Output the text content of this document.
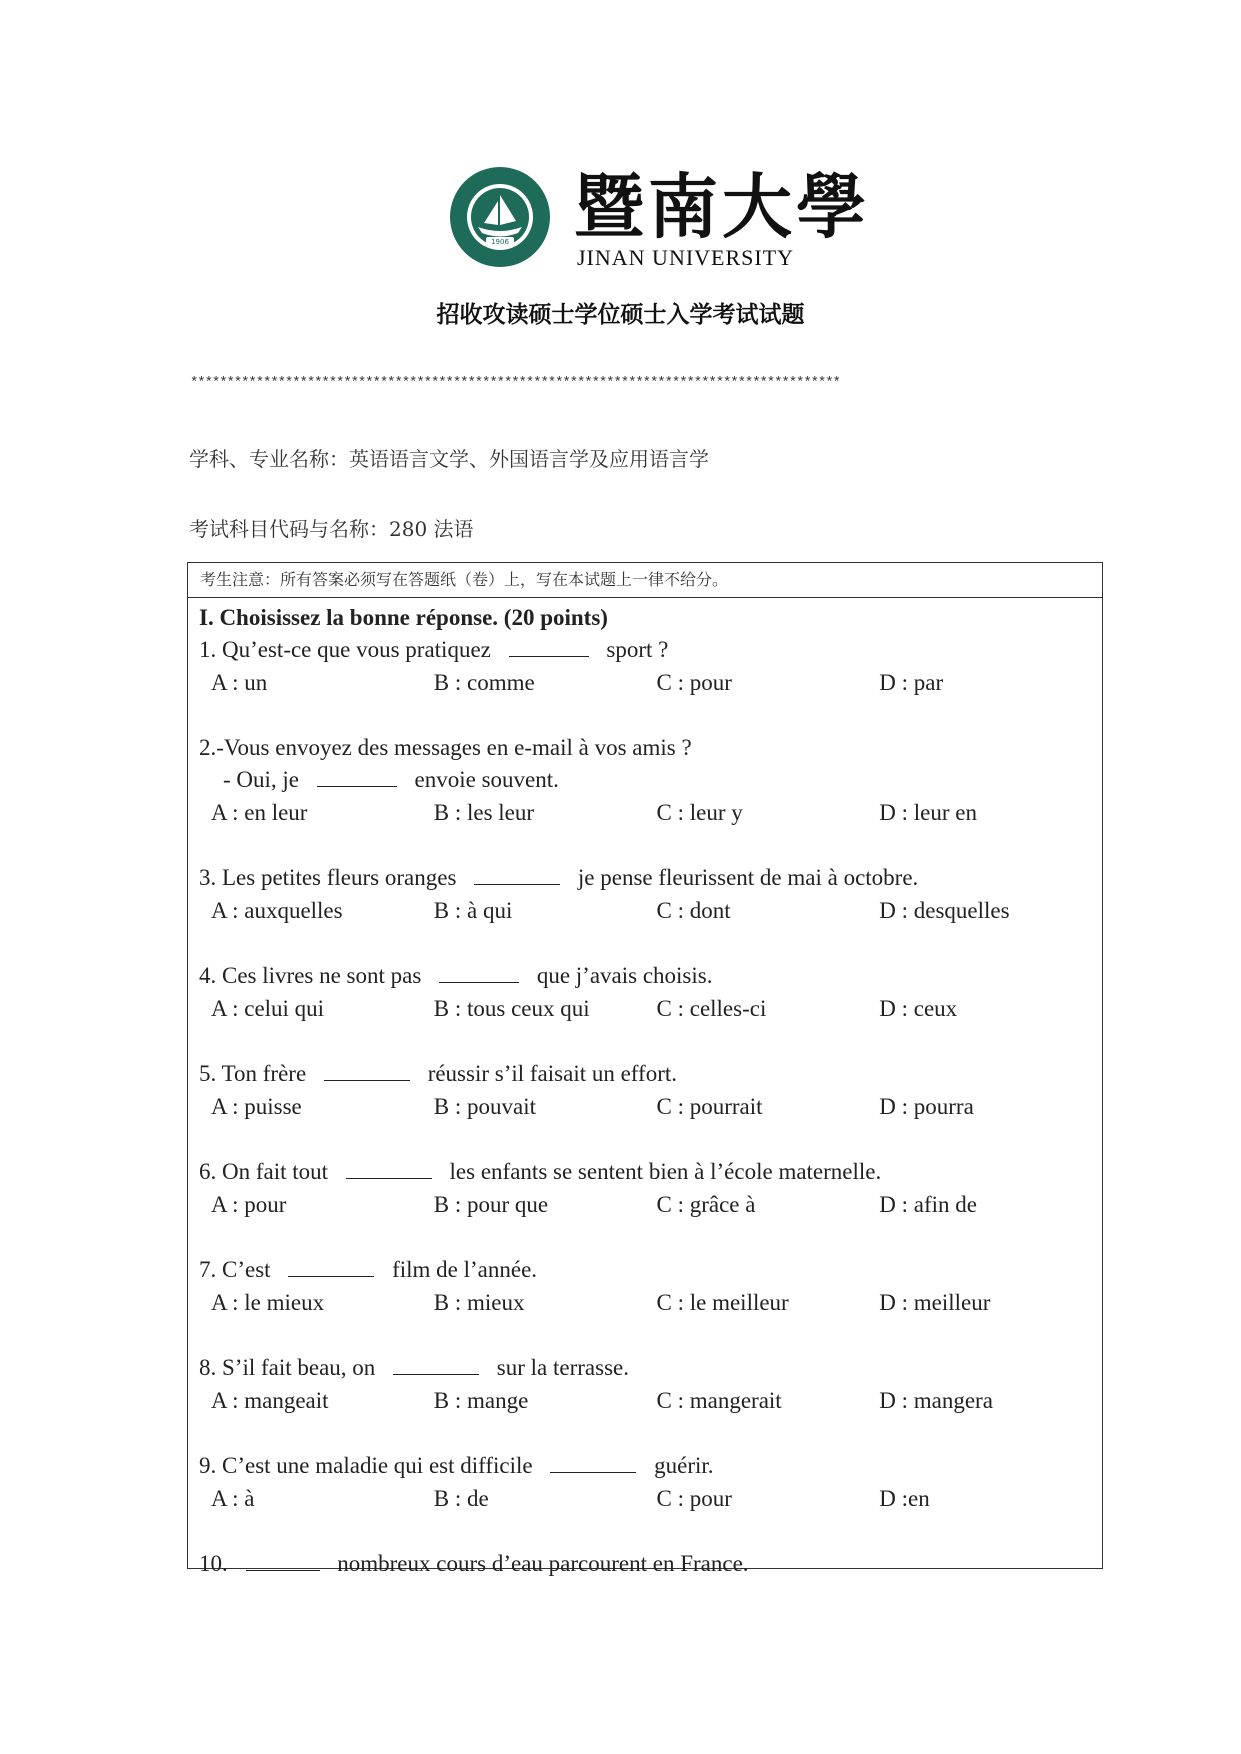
1906 暨南大學
JINAN UNIVERSITY
招收攻读硕士学位硕士入学考试试题
*****************************************************************************************
学科、专业名称：英语语言文学、外国语言学及应用语言学
考试科目代码与名称：280 法语
考生注意：所有答案必须写在答题纸（卷）上，写在本试题上一律不给分。
I. Choisissez la bonne réponse. (20 points)
1. Qu’est-ce que vous pratiquez	sport ?
A : un	B : comme	C : pour	D : par
2.-Vous envoyez des messages en e-mail à vos amis ?
- Oui, je	envoie souvent.
A : en leur	B : les leur	C : leur y	D : leur en
3. Les petites fleurs oranges	je pense fleurissent de mai à octobre.
A : auxquelles	B : à qui	C : dont	D : desquelles
4. Ces livres ne sont pas	que j’avais choisis.
A : celui qui	B : tous ceux qui	C : celles-ci	D : ceux
5. Ton frère	réussir s’il faisait un effort.
A : puisse	B : pouvait	C : pourrait	D : pourra
6. On fait tout	les enfants se sentent bien à l’école maternelle.
A : pour	B : pour que	C : grâce à	D : afin de
7. C’est	film de l’année.
A : le mieux	B : mieux	C : le meilleur	D : meilleur
8. S’il fait beau, on	sur la terrasse.
A : mangeait	B : mange	C : mangerait	D : mangera
9. C’est une maladie qui est difficile	guérir.
A : à	B : de	C : pour	D :en
10.	nombreux cours d’eau parcourent en France.
